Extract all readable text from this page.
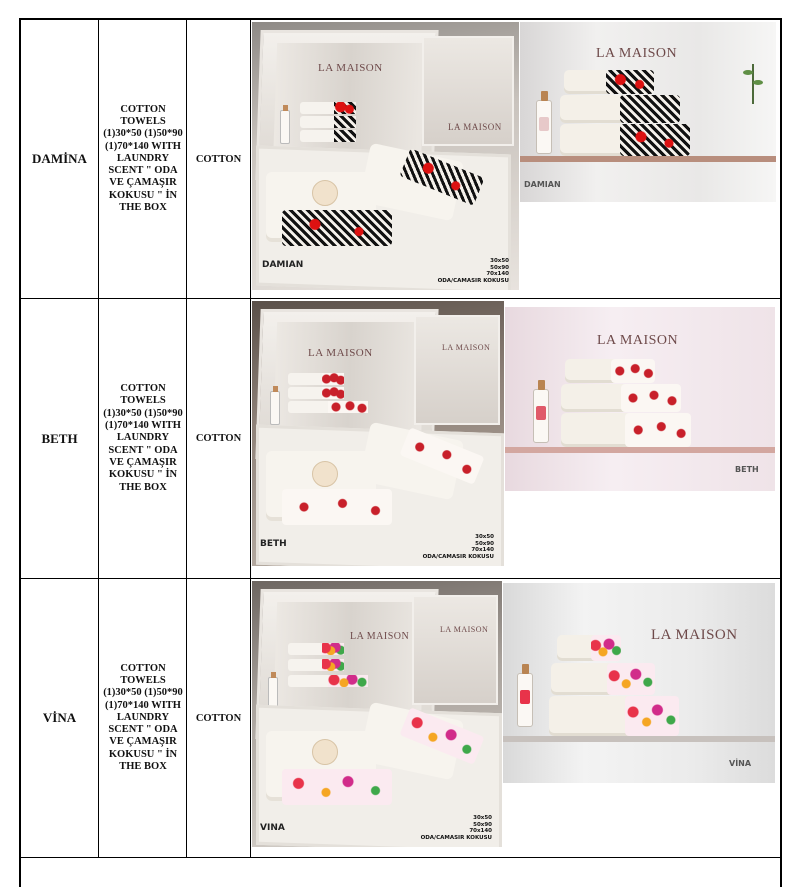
DAMİNA
COTTON TOWELS (1)30*50 (1)50*90 (1)70*140 WITH LAUNDRY SCENT " ODA VE ÇAMAŞIR KOKUSU " İN THE BOX
COTTON
LA MAISON
LA MAISON
DAMIAN	30x50
50x90
70x140
ODA/CAMASIR KOKUSU
LA MAISON
DAMIAN
BETH
COTTON TOWELS (1)30*50 (1)50*90 (1)70*140 WITH LAUNDRY SCENT " ODA VE ÇAMAŞIR KOKUSU " İN THE BOX
COTTON
LA MAISON	LA MAISON
BETH
30x50
50x90
70x140
ODA/CAMASIR KOKUSU
LA MAISON
BETH
VİNA
COTTON TOWELS (1)30*50 (1)50*90 (1)70*140 WITH LAUNDRY SCENT " ODA VE ÇAMAŞIR KOKUSU " İN THE BOX
COTTON
LA MAISON
LA MAISON
VINA
30x50
50x90
70x140
ODA/CAMASIR KOKUSU
LA MAISON
VİNA
